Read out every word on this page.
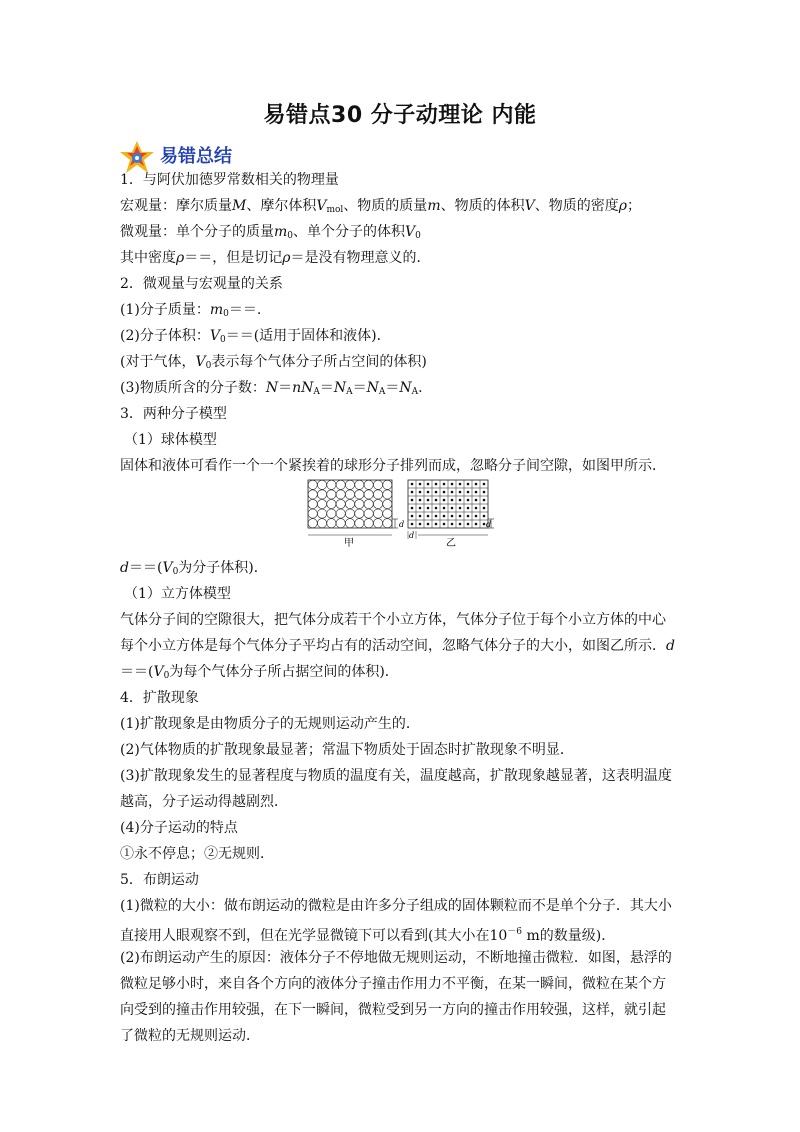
易错点30 分子动理论 内能
易错总结
1．与阿伏加德罗常数相关的物理量
宏观量：摩尔质量M、摩尔体积$V_{mol}$、物质的质量m、物质的体积V、物质的密度ρ；
微观量：单个分子的质量$m_0$、单个分子的体积$V_0$
其中密度ρ＝＝，但是切记ρ＝是没有物理意义的．
2．微观量与宏观量的关系
(1)分子质量：$m_0==$.
(2)分子体积：$V_0==$(适用于固体和液体)．
(对于气体，$V_0$表示每个气体分子所占空间的体积)
(3)物质所含的分子数：$N=nN_A=N_A=N_A=N_A$.
3．两种分子模型
（1）球体模型
固体和液体可看作一个一个紧挨着的球形分子排列而成，忽略分子间空隙，如图甲所示．
d
甲
d
d
乙
$d==(V_0$为分子体积)．
（1）立方体模型
气体分子间的空隙很大，把气体分成若干个小立方体，气体分子位于每个小立方体的中心
每个小立方体是每个气体分子平均占有的活动空间，忽略气体分子的大小，如图乙所示．d
$==(V_0$为每个气体分子所占据空间的体积)．
4．扩散现象
(1)扩散现象是由物质分子的无规则运动产生的．
(2)气体物质的扩散现象最显著；常温下物质处于固态时扩散现象不明显．
(3)扩散现象发生的显著程度与物质的温度有关，温度越高，扩散现象越显著，这表明温度
越高，分子运动得越剧烈．
(4)分子运动的特点
①永不停息；②无规则．
5．布朗运动
(1)微粒的大小：做布朗运动的微粒是由许多分子组成的固体颗粒而不是单个分子．其大小
直接用人眼观察不到，但在光学显微镜下可以看到(其大小在$10^{-6}$ m的数量级)．
(2)布朗运动产生的原因：液体分子不停地做无规则运动，不断地撞击微粒．如图，悬浮的
微粒足够小时，来自各个方向的液体分子撞击作用力不平衡，在某一瞬间，微粒在某个方
向受到的撞击作用较强，在下一瞬间，微粒受到另一方向的撞击作用较强，这样，就引起
了微粒的无规则运动．
